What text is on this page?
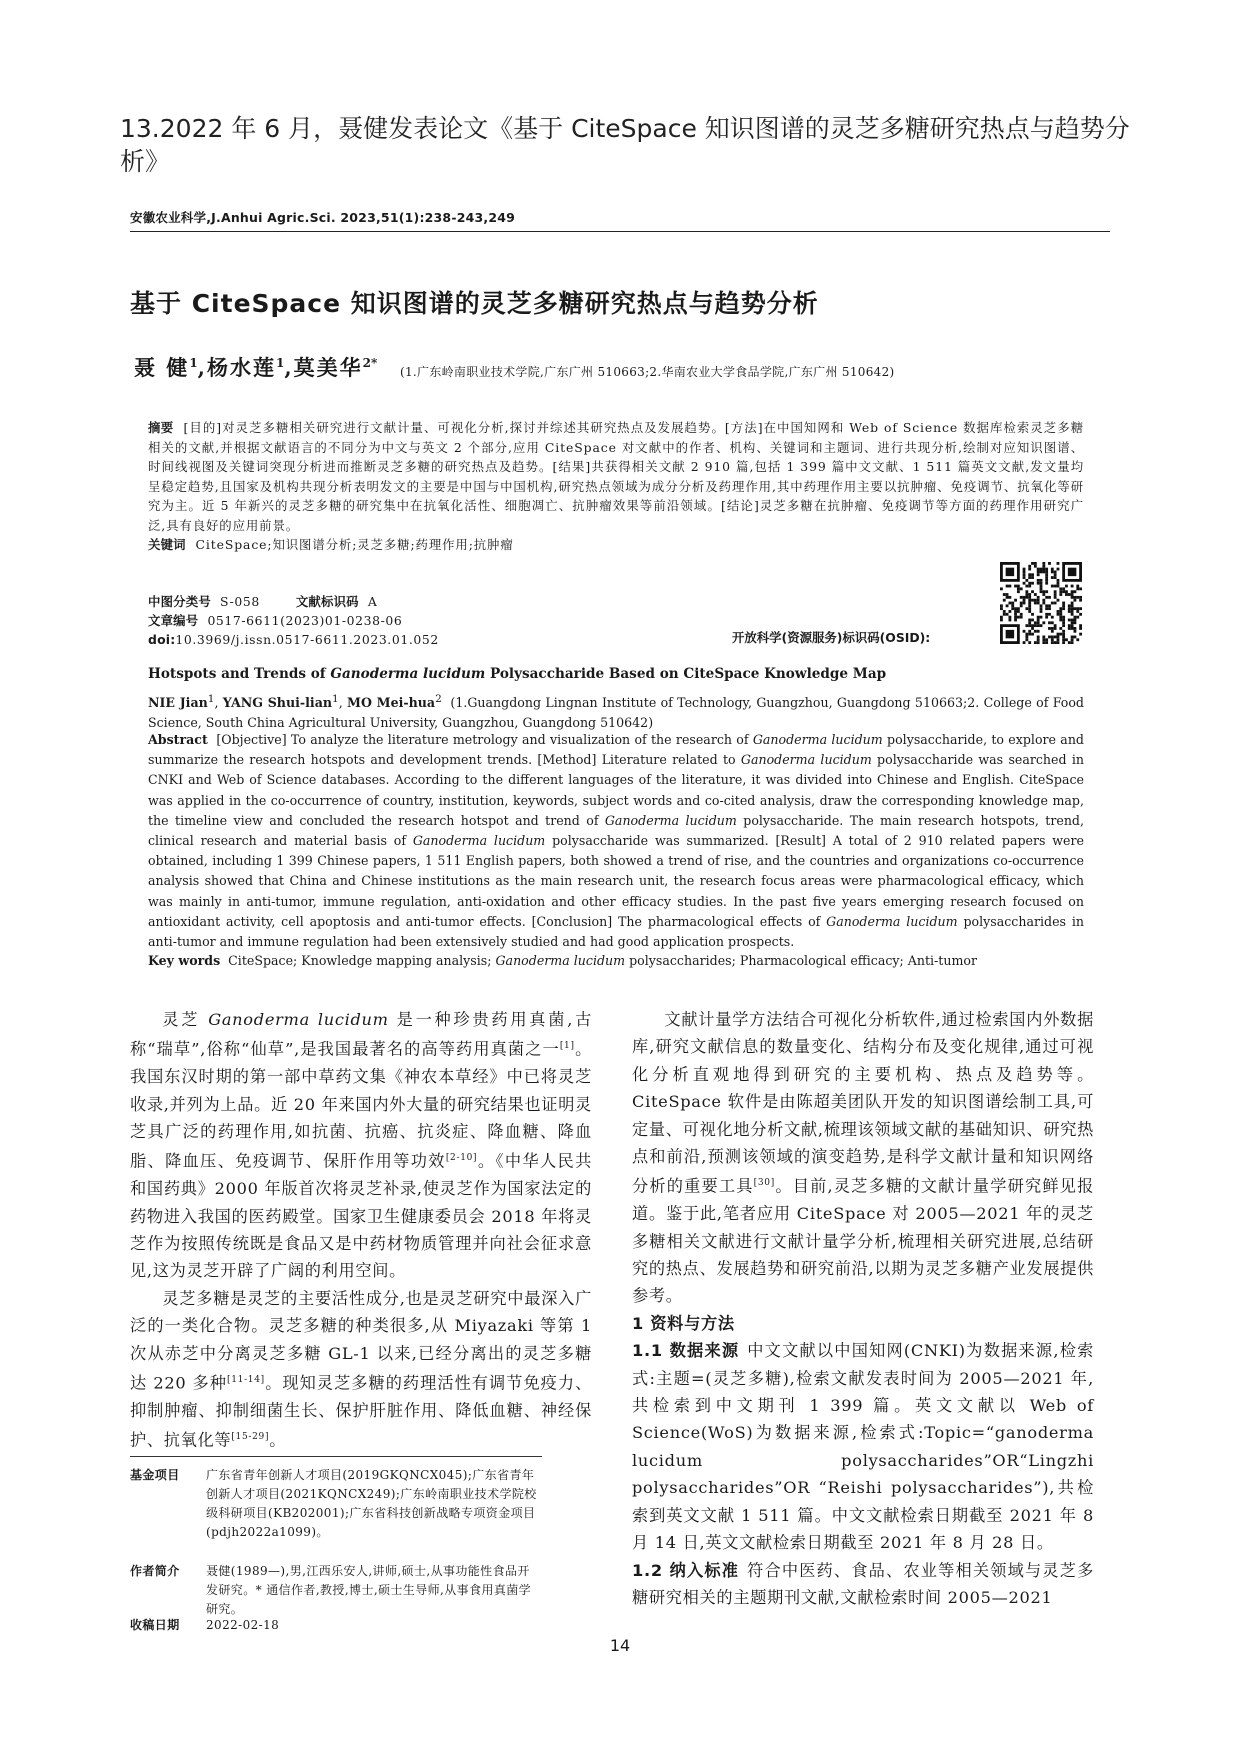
13.2022 年 6 月，聂健发表论文《基于 CiteSpace 知识图谱的灵芝多糖研究热点与趋势分析》
安徽农业科学,J.Anhui Agric.Sci. 2023,51(1):238-243,249
基于 CiteSpace 知识图谱的灵芝多糖研究热点与趋势分析
聂 健$^1$,杨水莲$^1$,莫美华$^{2*}$
(1.广东岭南职业技术学院,广东广州 510663;2.华南农业大学食品学院,广东广州 510642)
摘要 [目的]对灵芝多糖相关研究进行文献计量、可视化分析,探讨并综述其研究热点及发展趋势。[方法]在中国知网和 Web of Science 数据库检索灵芝多糖相关的文献,并根据文献语言的不同分为中文与英文 2 个部分,应用 CiteSpace 对文献中的作者、机构、关键词和主题词、进行共现分析,绘制对应知识图谱、时间线视图及关键词突现分析进而推断灵芝多糖的研究热点及趋势。[结果]共获得相关文献 2 910 篇,包括 1 399 篇中文文献、1 511 篇英文文献,发文量均呈稳定趋势,且国家及机构共现分析表明发文的主要是中国与中国机构,研究热点领域为成分分析及药理作用,其中药理作用主要以抗肿瘤、免疫调节、抗氧化等研究为主。近 5 年新兴的灵芝多糖的研究集中在抗氧化活性、细胞凋亡、抗肿瘤效果等前沿领域。[结论]灵芝多糖在抗肿瘤、免疫调节等方面的药理作用研究广泛,具有良好的应用前景。
关键词 CiteSpace;知识图谱分析;灵芝多糖;药理作用;抗肿瘤
中图分类号 S-058	文献标识码 A
文章编号 0517-6611(2023)01-0238-06
doi:10.3969/j.issn.0517-6611.2023.01.052	开放科学(资源服务)标识码(OSID):
Hotspots and Trends of Ganoderma lucidum Polysaccharide Based on CiteSpace Knowledge Map
NIE Jian$^1$, YANG Shui-lian$^1$, MO Mei-hua$^2$ (1.Guangdong Lingnan Institute of Technology, Guangzhou, Guangdong 510663;2. College of Food Science, South China Agricultural University, Guangzhou, Guangdong 510642)
Abstract [Objective] To analyze the literature metrology and visualization of the research of Ganoderma lucidum polysaccharide, to explore and summarize the research hotspots and development trends. [Method] Literature related to Ganoderma lucidum polysaccharide was searched in CNKI and Web of Science databases. According to the different languages of the literature, it was divided into Chinese and English. CiteSpace was applied in the co-occurrence of country, institution, keywords, subject words and co-cited analysis, draw the corresponding knowledge map, the timeline view and concluded the research hotspot and trend of Ganoderma lucidum polysaccharide. The main research hotspots, trend, clinical research and material basis of Ganoderma lucidum polysaccharide was summarized. [Result] A total of 2 910 related papers were obtained, including 1 399 Chinese papers, 1 511 English papers, both showed a trend of rise, and the countries and organizations co-occurrence analysis showed that China and Chinese institutions as the main research unit, the research focus areas were pharmacological efficacy, which was mainly in anti-tumor, immune regulation, anti-oxidation and other efficacy studies. In the past five years emerging research focused on antioxidant activity, cell apoptosis and anti-tumor effects. [Conclusion] The pharmacological effects of Ganoderma lucidum polysaccharides in anti-tumor and immune regulation had been extensively studied and had good application prospects.
Key words CiteSpace; Knowledge mapping analysis; Ganoderma lucidum polysaccharides; Pharmacological efficacy; Anti-tumor

灵芝 Ganoderma lucidum 是一种珍贵药用真菌,古称“瑞草”,俗称“仙草”,是我国最著名的高等药用真菌之一[1]。我国东汉时期的第一部中草药文集《神农本草经》中已将灵芝收录,并列为上品。近 20 年来国内外大量的研究结果也证明灵芝具广泛的药理作用,如抗菌、抗癌、抗炎症、降血糖、降血脂、降血压、免疫调节、保肝作用等功效[2-10]。《中华人民共和国药典》2000 年版首次将灵芝补录,使灵芝作为国家法定的药物进入我国的医药殿堂。国家卫生健康委员会 2018 年将灵芝作为按照传统既是食品又是中药材物质管理并向社会征求意见,这为灵芝开辟了广阔的利用空间。

灵芝多糖是灵芝的主要活性成分,也是灵芝研究中最深入广泛的一类化合物。灵芝多糖的种类很多,从 Miyazaki 等第 1 次从赤芝中分离灵芝多糖 GL-1 以来,已经分离出的灵芝多糖达 220 多种[11-14]。现知灵芝多糖的药理活性有调节免疫力、抑制肿瘤、抑制细菌生长、保护肝脏作用、降低血糖、神经保护、抗氧化等[15-29]。

基金项目 广东省青年创新人才项目(2019GKQNCX045);广东省青年创新人才项目(2021KQNCX249);广东岭南职业技术学院校级科研项目(KB202001);广东省科技创新战略专项资金项目(pdjh2022a1099)。
作者简介 聂健(1989—),男,江西乐安人,讲师,硕士,从事功能性食品开发研究。* 通信作者,教授,博士,硕士生导师,从事食用真菌学研究。
收稿日期 2022-02-18

文献计量学方法结合可视化分析软件,通过检索国内外数据库,研究文献信息的数量变化、结构分布及变化规律,通过可视化分析直观地得到研究的主要机构、热点及趋势等。CiteSpace 软件是由陈超美团队开发的知识图谱绘制工具,可定量、可视化地分析文献,梳理该领域文献的基础知识、研究热点和前沿,预测该领域的演变趋势,是科学文献计量和知识网络分析的重要工具[30]。目前,灵芝多糖的文献计量学研究鲜见报道。鉴于此,笔者应用 CiteSpace 对 2005—2021 年的灵芝多糖相关文献进行文献计量学分析,梳理相关研究进展,总结研究的热点、发展趋势和研究前沿,以期为灵芝多糖产业发展提供参考。

1 资料与方法

1.1 数据来源 中文文献以中国知网(CNKI)为数据来源,检索式:主题=(灵芝多糖),检索文献发表时间为 2005—2021 年,共检索到中文期刊 1 399 篇。英文文献以 Web of Science(WoS)为数据来源,检索式:Topic=“ganoderma lucidum polysaccharides”OR“Lingzhi polysaccharides”OR “Reishi polysaccharides”),共检索到英文文献 1 511 篇。中文文献检索日期截至 2021 年 8 月 14 日,英文文献检索日期截至 2021 年 8 月 28 日。

1.2 纳入标准 符合中医药、食品、农业等相关领域与灵芝多糖研究相关的主题期刊文献,文献检索时间 2005—2021

14
